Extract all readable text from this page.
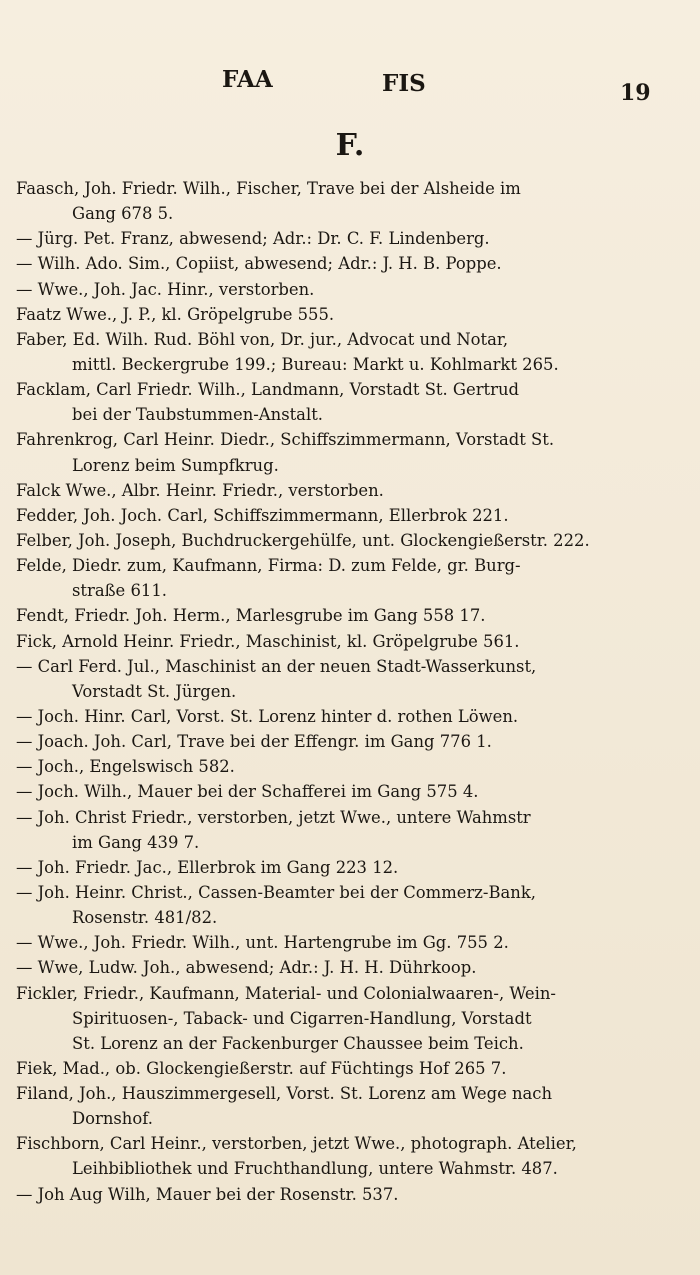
FAA	FIS	19
F.
Faasch, Joh. Friedr. Wilh., Fischer, Trave bei der Alsheide im
Gang 678 5.
— Jürg. Pet. Franz, abwesend; Adr.: Dr. C. F. Lindenberg.
— Wilh. Ado. Sim., Copiist, abwesend; Adr.: J. H. B. Poppe.
— Wwe., Joh. Jac. Hinr., verstorben.
Faatz Wwe., J. P., kl. Gröpelgrube 555.
Faber, Ed. Wilh. Rud. Böhl von, Dr. jur., Advocat und Notar,
mittl. Beckergrube 199.; Bureau: Markt u. Kohlmarkt 265.
Facklam, Carl Friedr. Wilh., Landmann, Vorstadt St. Gertrud
bei der Taubstummen-Anstalt.
Fahrenkrog, Carl Heinr. Diedr., Schiffszimmermann, Vorstadt St.
Lorenz beim Sumpfkrug.
Falck Wwe., Albr. Heinr. Friedr., verstorben.
Fedder, Joh. Joch. Carl, Schiffszimmermann, Ellerbrok 221.
Felber, Joh. Joseph, Buchdruckergehülfe, unt. Glockengießerstr. 222.
Felde, Diedr. zum, Kaufmann, Firma: D. zum Felde, gr. Burg-
straße 611.
Fendt, Friedr. Joh. Herm., Marlesgrube im Gang 558 17.
Fick, Arnold Heinr. Friedr., Maschinist, kl. Gröpelgrube 561.
— Carl Ferd. Jul., Maschinist an der neuen Stadt-Wasserkunst,
Vorstadt St. Jürgen.
— Joch. Hinr. Carl, Vorst. St. Lorenz hinter d. rothen Löwen.
— Joach. Joh. Carl, Trave bei der Effengr. im Gang 776 1.
— Joch., Engelswisch 582.
— Joch. Wilh., Mauer bei der Schafferei im Gang 575 4.
— Joh. Christ Friedr., verstorben, jetzt Wwe., untere Wahmstr
im Gang 439 7.
— Joh. Friedr. Jac., Ellerbrok im Gang 223 12.
— Joh. Heinr. Christ., Cassen-Beamter bei der Commerz-Bank,
Rosenstr. 481/82.
— Wwe., Joh. Friedr. Wilh., unt. Hartengrube im Gg. 755 2.
— Wwe, Ludw. Joh., abwesend; Adr.: J. H. H. Dührkoop.
Fickler, Friedr., Kaufmann, Material- und Colonialwaaren-, Wein-
Spirituosen-, Taback- und Cigarren-Handlung, Vorstadt
St. Lorenz an der Fackenburger Chaussee beim Teich.
Fiek, Mad., ob. Glockengießerstr. auf Füchtings Hof 265 7.
Filand, Joh., Hauszimmergesell, Vorst. St. Lorenz am Wege nach
Dornshof.
Fischborn, Carl Heinr., verstorben, jetzt Wwe., photograph. Atelier,
Leihbibliothek und Fruchthandlung, untere Wahmstr. 487.
— Joh Aug Wilh, Mauer bei der Rosenstr. 537.
